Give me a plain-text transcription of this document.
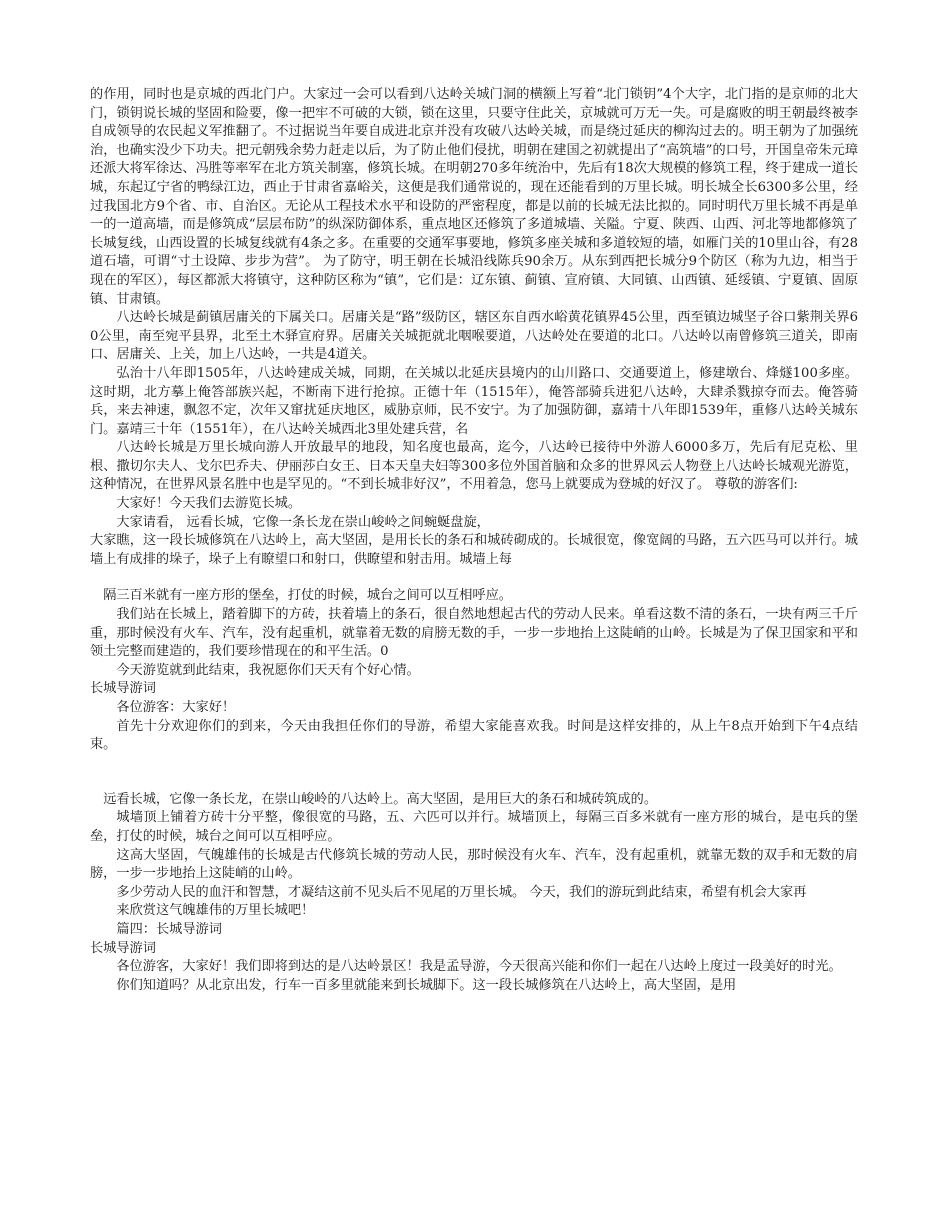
的作用，同时也是京城的西北门户。大家过一会可以看到八达岭关城门洞的横额上写着“北门锁钥”4个大字，北门指的是京师的北大门，锁钥说长城的坚固和险要，像一把牢不可破的大锁，锁在这里，只要守住此关，京城就可万无一失。可是腐败的明王朝最终被李自成领导的农民起义军推翻了。不过据说当年要自成进北京并没有攻破八达岭关城，而是绕过延庆的柳沟过去的。明王朝为了加强统治，也确实没少下功夫。把元朝残余势力赶走以后，为了防止他们侵扰，明朝在建国之初就提出了“高筑墙”的口号，开国皇帝朱元璋还派大将军徐达、冯胜等率军在北方筑关制塞，修筑长城。在明朝270多年统治中，先后有18次大规模的修筑工程，终于建成一道长城，东起辽宁省的鸭绿江边，西止于甘肃省嘉峪关，这便是我们通常说的，现在还能看到的万里长城。明长城全长6300多公里，经过我国北方9个省、市、自治区。无论从工程技术水平和设防的严密程度，都是以前的长城无法比拟的。同时明代万里长城不再是单一的一道高墙，而是修筑成“层层布防”的纵深防御体系，重点地区还修筑了多道城墙、关隘。宁夏、陕西、山西、河北等地都修筑了长城复线，山西设置的长城复线就有4条之多。在重要的交通军事要地，修筑多座关城和多道较短的墙，如雁门关的10里山谷，有28道石墙，可谓“寸土设障、步步为营”。 为了防守，明王朝在长城沿线陈兵90余万。从东到西把长城分9个防区（称为九边，相当于现在的军区），每区都派大将镇守，这种防区称为“镇”，它们是：辽东镇、蓟镇、宣府镇、大同镇、山西镇、延绥镇、宁夏镇、固原镇、甘肃镇。

八达岭长城是蓟镇居庸关的下属关口。居庸关是“路”级防区，辖区东自西水峪黄花镇界45公里，西至镇边城坚子谷口紫荆关界60公里，南至宛平县界，北至土木驿宣府界。居庸关关城扼就北咽喉要道，八达岭处在要道的北口。八达岭以南曾修筑三道关，即南口、居庸关、上关，加上八达岭，一共是4道关。

弘治十八年即1505年，八达岭建成关城，同期，在关城以北延庆县境内的山川路口、交通要道上，修建墩台、烽燧100多座。这时期，北方摹上俺答部族兴起，不断南下进行抢掠。正德十年（1515年），俺答部骑兵进犯八达岭，大肆杀戮掠夺而去。俺答骑兵，来去神速，飘忽不定，次年又窜扰延庆地区，威胁京师，民不安宁。为了加强防御，嘉靖十八年即1539年，重修八达岭关城东门。嘉靖三十年（1551年），在八达岭关城西北3里处建兵营，名

八达岭长城是万里长城向游人开放最早的地段，知名度也最高，迄今，八达岭已接待中外游人6000多万，先后有尼克松、里根、撒切尔夫人、戈尔巴乔夫、伊丽莎白女王、日本天皇夫妇等300多位外国首脑和众多的世界风云人物登上八达岭长城观光游览，这种情况，在世界风景名胜中也是罕见的。“不到长城非好汉”，不用着急，您马上就要成为登城的好汉了。 尊敬的游客们:

大家好！今天我们去游览长城。

大家请看， 远看长城，它像一条长龙在崇山峻岭之间蜿蜒盘旋，

大家瞧，这一段长城修筑在八达岭上，高大坚固，是用长长的条石和城砖砌成的。长城很宽，像宽阔的马路，五六匹马可以并行。城墙上有成排的垛子，垛子上有瞭望口和射口，供瞭望和射击用。城墙上每

隔三百米就有一座方形的堡垒，打仗的时候，城台之间可以互相呼应。

我们站在长城上，踏着脚下的方砖，扶着墙上的条石，很自然地想起古代的劳动人民来。单看这数不清的条石，一块有两三千斤重，那时候没有火车、汽车，没有起重机，就靠着无数的肩膀无数的手，一步一步地抬上这陡峭的山岭。长城是为了保卫国家和平和领土完整而建造的，我们要珍惜现在的和平生活。0

今天游览就到此结束，我祝愿你们天天有个好心情。

长城导游词

各位游客：大家好！

首先十分欢迎你们的到来，今天由我担任你们的导游，希望大家能喜欢我。时间是这样安排的，从上午8点开始到下午4点结束。

远看长城，它像一条长龙，在崇山峻岭的八达岭上。高大坚固，是用巨大的条石和城砖筑成的。

城墙顶上铺着方砖十分平整，像很宽的马路，五、六匹可以并行。城墙顶上，每隔三百多米就有一座方形的城台，是屯兵的堡垒，打仗的时候，城台之间可以互相呼应。

这高大坚固，气魄雄伟的长城是古代修筑长城的劳动人民，那时候没有火车、汽车，没有起重机，就靠无数的双手和无数的肩膀，一步一步地抬上这陡峭的山岭。

多少劳动人民的血汗和智慧，才凝结这前不见头后不见尾的万里长城。 今天，我们的游玩到此结束，希望有机会大家再

来欣赏这气魄雄伟的万里长城吧！

篇四：长城导游词

长城导游词

各位游客，大家好！我们即将到达的是八达岭景区！我是孟导游，今天很高兴能和你们一起在八达岭上度过一段美好的时光。

你们知道吗？从北京出发，行车一百多里就能来到长城脚下。这一段长城修筑在八达岭上，高大坚固，是用
